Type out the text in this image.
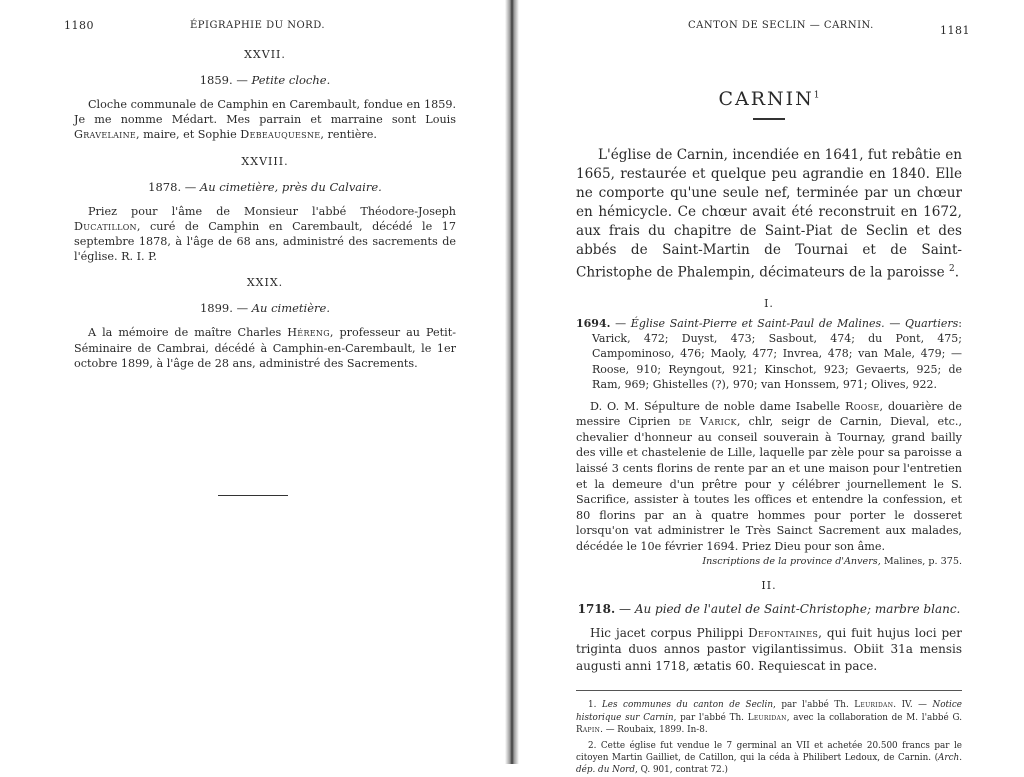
1180	ÉPIGRAPHIE DU NORD.

XXVII.

1859. — Petite cloche.

Cloche communale de Camphin en Carembault, fondue en 1859. Je me nomme Médart. Mes parrain et marraine sont Louis Gravelaine, maire, et Sophie Debeauquesne, rentière.

XXVIII.

1878. — Au cimetière, près du Calvaire.

Priez pour l'âme de Monsieur l'abbé Théodore-Joseph Ducatillon, curé de Camphin en Carembault, décédé le 17 septembre 1878, à l'âge de 68 ans, administré des sacrements de l'église. R. I. P.

XXIX.

1899. — Au cimetière.

A la mémoire de maître Charles Héreng, professeur au Petit-Séminaire de Cambrai, décédé à Camphin-en-Carembault, le 1er octobre 1899, à l'âge de 28 ans, administré des Sacrements.

CANTON DE SECLIN — CARNIN.	1181

CARNIN$^1$

L'église de Carnin, incendiée en 1641, fut rebâtie en 1665, restaurée et quelque peu agrandie en 1840. Elle ne comporte qu'une seule nef, terminée par un chœur en hémicycle. Ce chœur avait été reconstruit en 1672, aux frais du chapitre de Saint-Piat de Seclin et des abbés de Saint-Martin de Tournai et de Saint-Christophe de Phalempin, décimateurs de la paroisse $^2$.

I.

1694. — Église Saint-Pierre et Saint-Paul de Malines. — Quartiers: Varick, 472; Duyst, 473; Sasbout, 474; du Pont, 475; Campominoso, 476; Maoly, 477; Invrea, 478; van Male, 479; — Roose, 910; Reyngout, 921; Kinschot, 923; Gevaerts, 925; de Ram, 969; Ghistelles (?), 970; van Honssem, 971; Olives, 922.

D. O. M. Sépulture de noble dame Isabelle Roose, douarière de messire Ciprien de Varick, chlr, seigr de Carnin, Dieval, etc., chevalier d'honneur au conseil souverain à Tournay, grand bailly des ville et chastelenie de Lille, laquelle par zèle pour sa paroisse a laissé 3 cents florins de rente par an et une maison pour l'entretien et la demeure d'un prêtre pour y célébrer journellement le S. Sacrifice, assister à toutes les offices et entendre la confession, et 80 florins par an à quatre hommes pour porter le dosseret lorsqu'on vat administrer le Très Sainct Sacrement aux malades, décédée le 10e février 1694. Priez Dieu pour son âme.

Inscriptions de la province d'Anvers, Malines, p. 375.

II.

1718. — Au pied de l'autel de Saint-Christophe; marbre blanc.

Hic jacet corpus Philippi Defontaines, qui fuit hujus loci per triginta duos annos pastor vigilantissimus. Obiit 31a mensis augusti anni 1718, ætatis 60. Requiescat in pace.

1. Les communes du canton de Seclin, par l'abbé Th. Leuridan. IV. — Notice historique sur Carnin, par l'abbé Th. Leuridan, avec la collaboration de M. l'abbé G. Rapin. — Roubaix, 1899. In-8.

2. Cette église fut vendue le 7 germinal an VII et achetée 20.500 francs par le citoyen Martin Gailliet, de Catillon, qui la céda à Philibert Ledoux, de Carnin. (Arch. dép. du Nord, Q. 901, contrat 72.)
